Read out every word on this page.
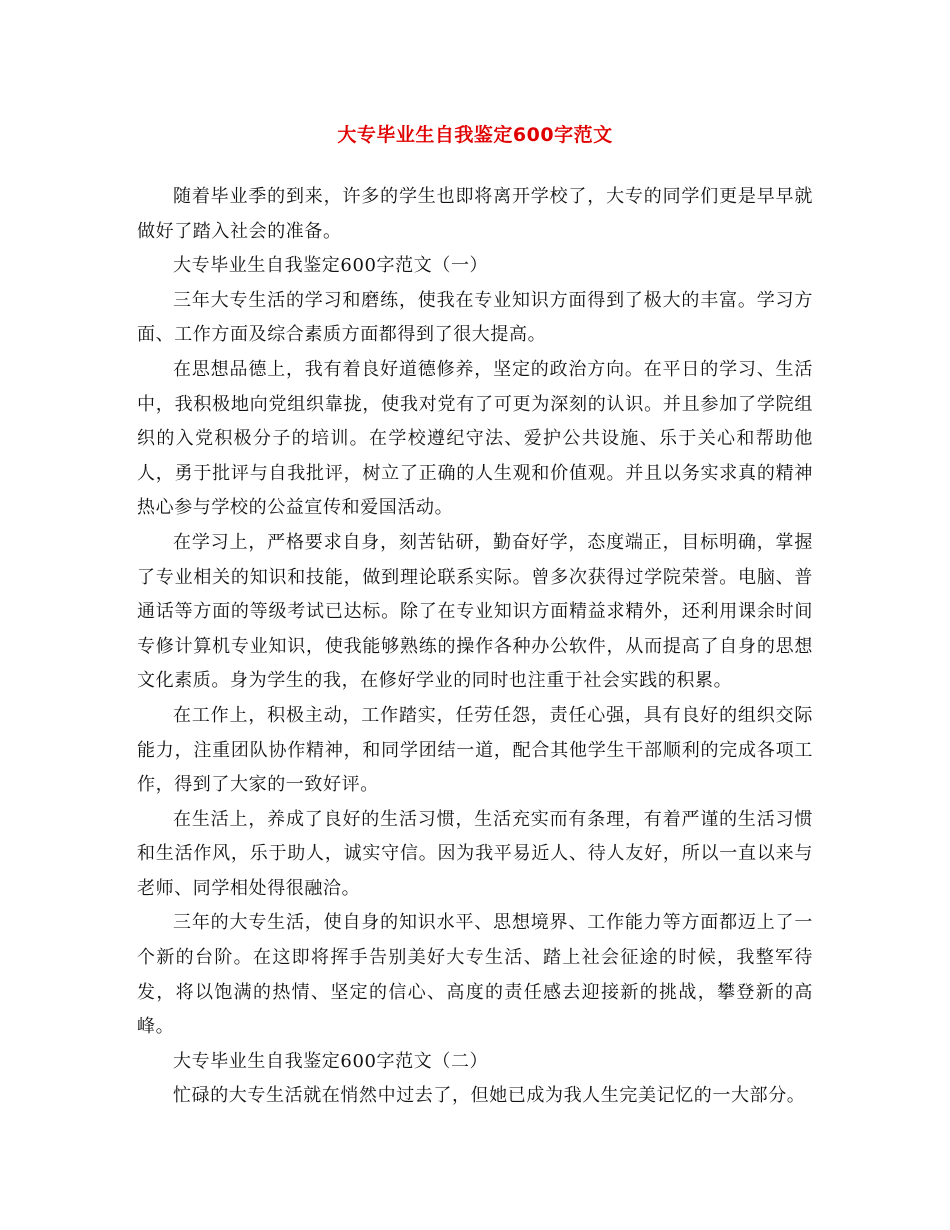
大专毕业生自我鉴定600字范文

随着毕业季的到来，许多的学生也即将离开学校了，大专的同学们更是早早就做好了踏入社会的准备。

大专毕业生自我鉴定600字范文（一）

三年大专生活的学习和磨练，使我在专业知识方面得到了极大的丰富。学习方面、工作方面及综合素质方面都得到了很大提高。

在思想品德上，我有着良好道德修养，坚定的政治方向。在平日的学习、生活中，我积极地向党组织靠拢，使我对党有了可更为深刻的认识。并且参加了学院组织的入党积极分子的培训。在学校遵纪守法、爱护公共设施、乐于关心和帮助他人，勇于批评与自我批评，树立了正确的人生观和价值观。并且以务实求真的精神热心参与学校的公益宣传和爱国活动。

在学习上，严格要求自身，刻苦钻研，勤奋好学，态度端正，目标明确，掌握了专业相关的知识和技能，做到理论联系实际。曾多次获得过学院荣誉。电脑、普通话等方面的等级考试已达标。除了在专业知识方面精益求精外，还利用课余时间专修计算机专业知识，使我能够熟练的操作各种办公软件，从而提高了自身的思想文化素质。身为学生的我，在修好学业的同时也注重于社会实践的积累。

在工作上，积极主动，工作踏实，任劳任怨，责任心强，具有良好的组织交际能力，注重团队协作精神，和同学团结一道，配合其他学生干部顺利的完成各项工作，得到了大家的一致好评。

在生活上，养成了良好的生活习惯，生活充实而有条理，有着严谨的生活习惯和生活作风，乐于助人，诚实守信。因为我平易近人、待人友好，所以一直以来与老师、同学相处得很融洽。

三年的大专生活，使自身的知识水平、思想境界、工作能力等方面都迈上了一个新的台阶。在这即将挥手告别美好大专生活、踏上社会征途的时候，我整军待发，将以饱满的热情、坚定的信心、高度的责任感去迎接新的挑战，攀登新的高峰。

大专毕业生自我鉴定600字范文（二）

忙碌的大专生活就在悄然中过去了，但她已成为我人生完美记忆的一大部分。
